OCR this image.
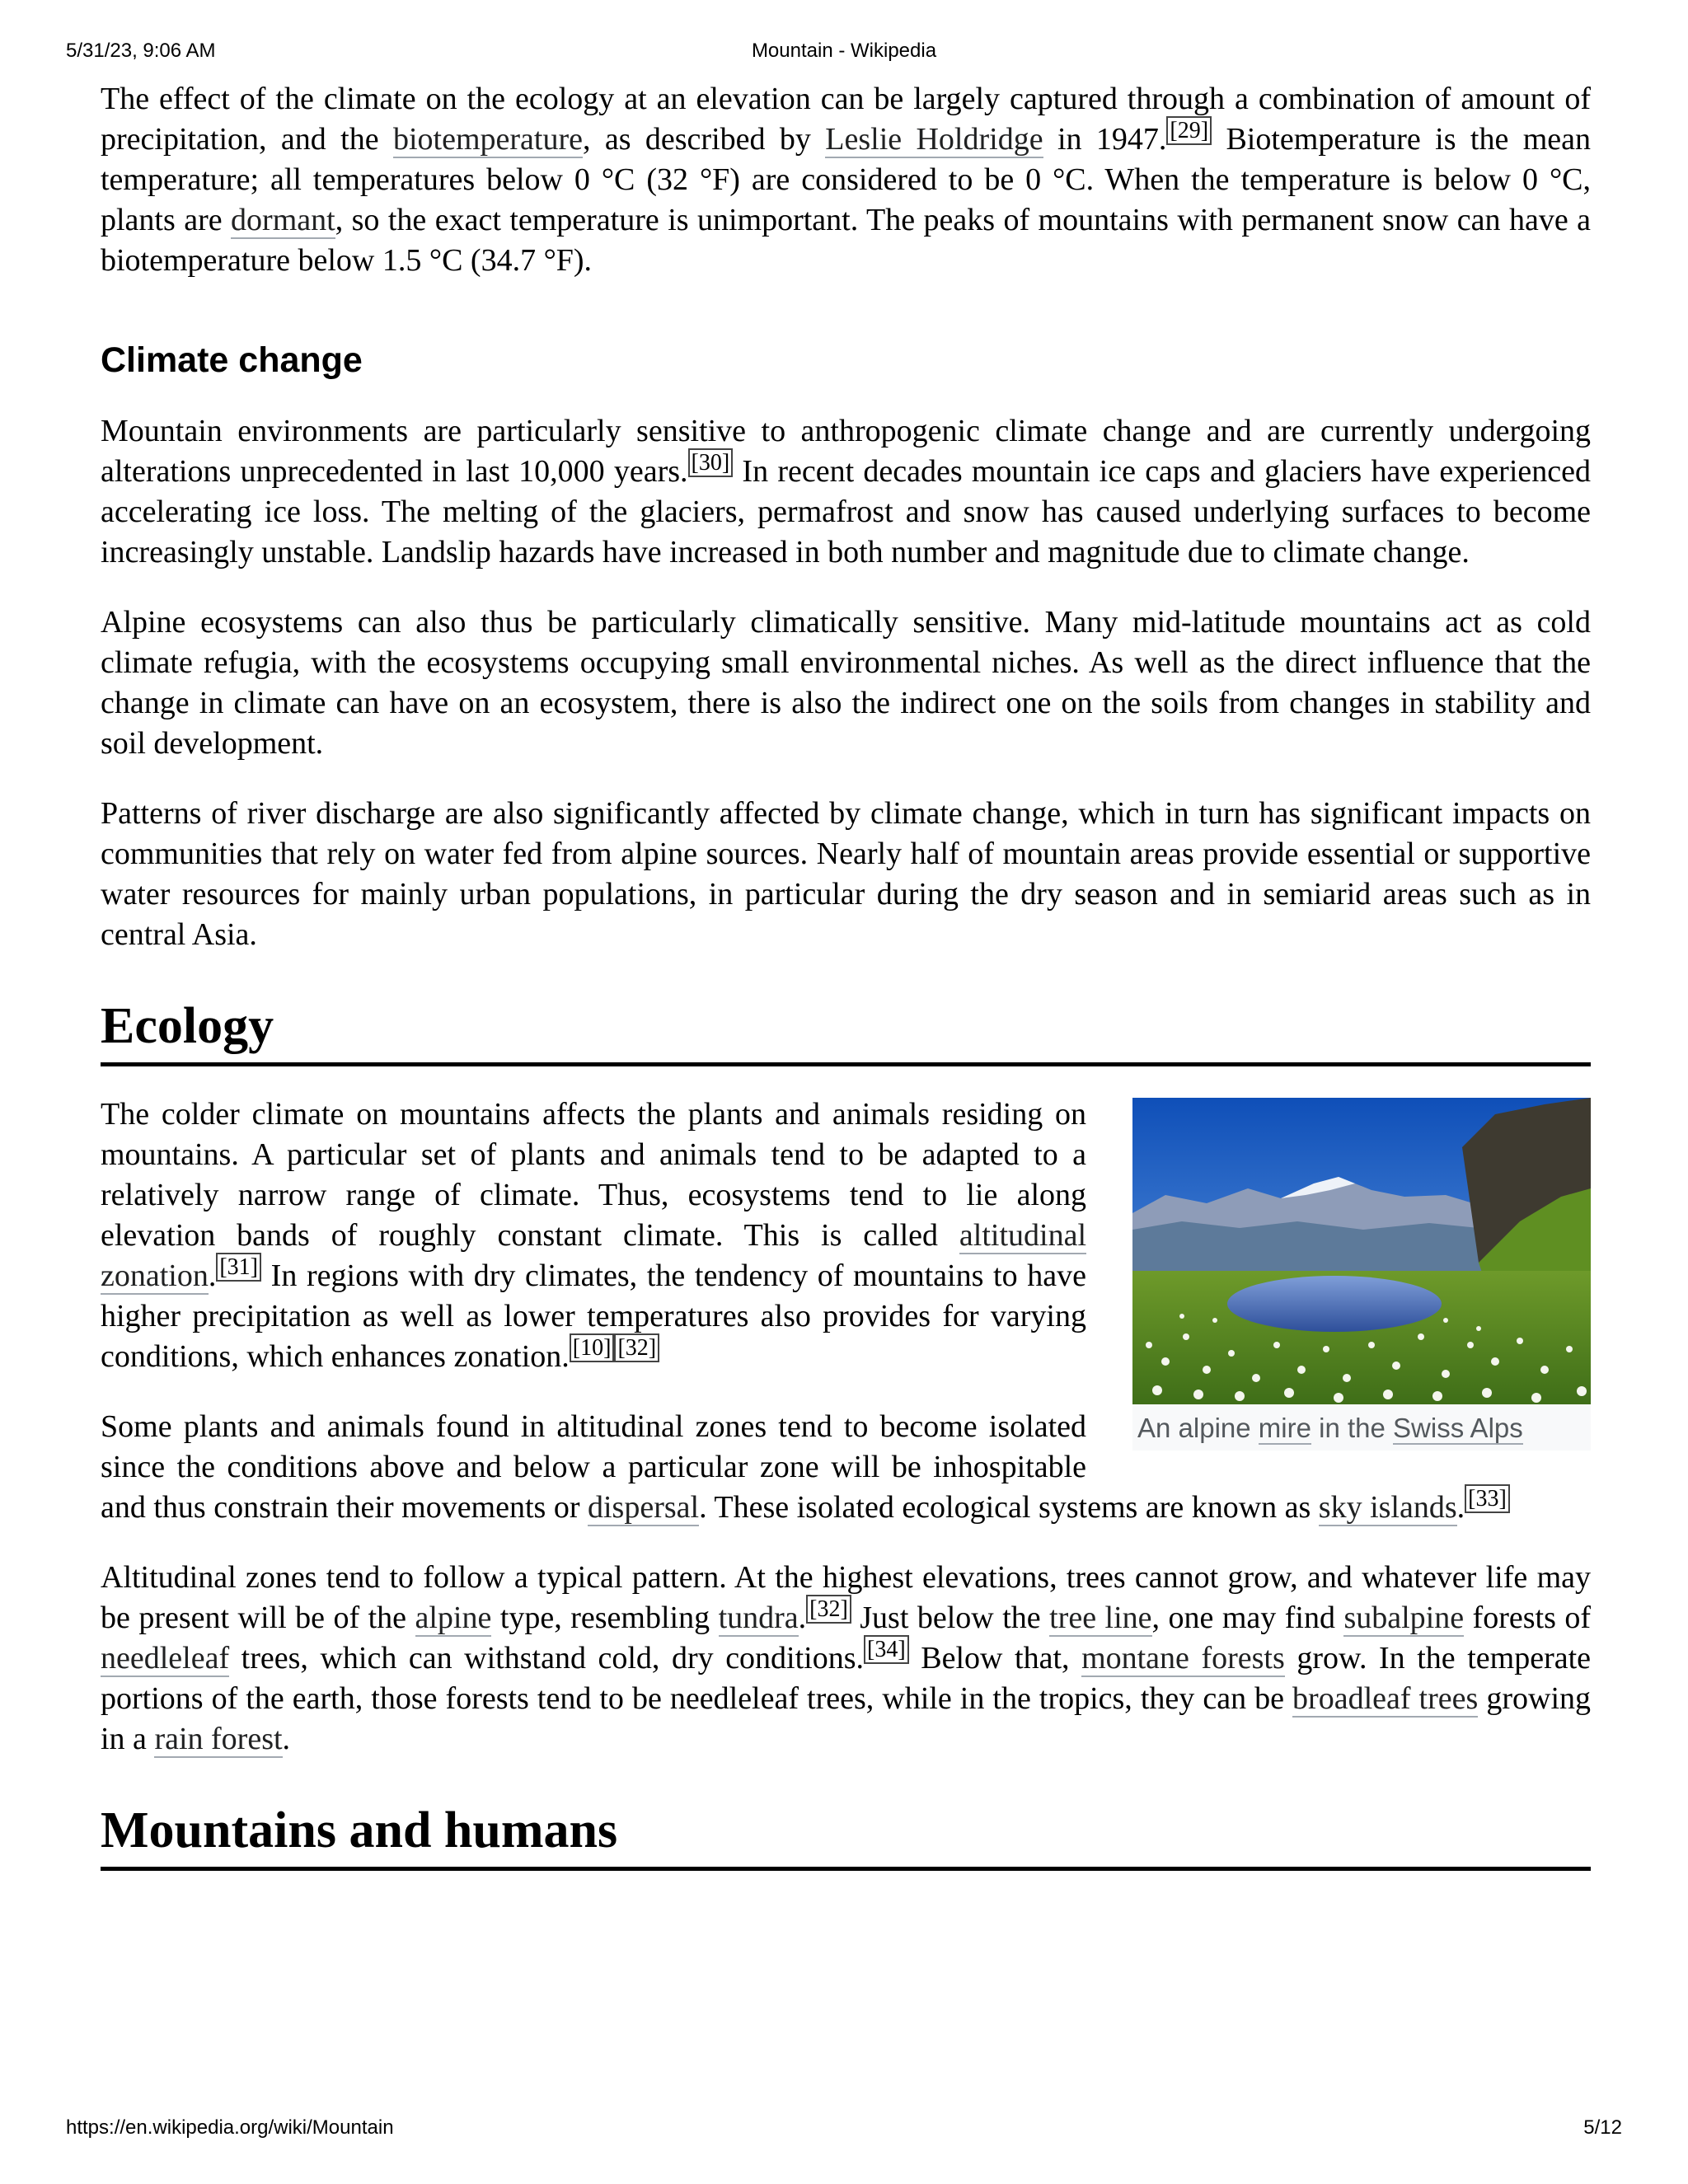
5/31/23, 9:06 AM	Mountain - Wikipedia

The effect of the climate on the ecology at an elevation can be largely captured through a combination of amount of precipitation, and the biotemperature, as described by Leslie Holdridge in 1947. [29] Biotemperature is the mean temperature; all temperatures below 0 °C (32 °F) are considered to be 0 °C. When the temperature is below 0 °C, plants are dormant, so the exact temperature is unimportant. The peaks of mountains with permanent snow can have a biotemperature below 1.5 °C (34.7 °F).

Climate change

Mountain environments are particularly sensitive to anthropogenic climate change and are currently undergoing alterations unprecedented in last 10,000 years. [30] In recent decades mountain ice caps and glaciers have experienced accelerating ice loss. The melting of the glaciers, permafrost and snow has caused underlying surfaces to become increasingly unstable. Landslip hazards have increased in both number and magnitude due to climate change.

Alpine ecosystems can also thus be particularly climatically sensitive. Many mid-latitude mountains act as cold climate refugia, with the ecosystems occupying small environmental niches. As well as the direct influence that the change in climate can have on an ecosystem, there is also the indirect one on the soils from changes in stability and soil development.

Patterns of river discharge are also significantly affected by climate change, which in turn has significant impacts on communities that rely on water fed from alpine sources. Nearly half of mountain areas provide essential or supportive water resources for mainly urban populations, in particular during the dry season and in semiarid areas such as in central Asia.

Ecology
An alpine mire in the Swiss Alps

The colder climate on mountains affects the plants and animals residing on mountains. A particular set of plants and animals tend to be adapted to a relatively narrow range of climate. Thus, ecosystems tend to lie along elevation bands of roughly constant climate. This is called altitudinal zonation. [31] In regions with dry climates, the tendency of mountains to have higher precipitation as well as lower temperatures also provides for varying conditions, which enhances zonation. [10] [32]

Some plants and animals found in altitudinal zones tend to become isolated since the conditions above and below a particular zone will be inhospitable and thus constrain their movements or dispersal. These isolated ecological systems are known as sky islands. [33]

Altitudinal zones tend to follow a typical pattern. At the highest elevations, trees cannot grow, and whatever life may be present will be of the alpine type, resembling tundra. [32] Just below the tree line, one may find subalpine forests of needleleaf trees, which can withstand cold, dry conditions. [34] Below that, montane forests grow. In the temperate portions of the earth, those forests tend to be needleleaf trees, while in the tropics, they can be broadleaf trees growing in a rain forest.

Mountains and humans
https://en.wikipedia.org/wiki/Mountain	5/12
